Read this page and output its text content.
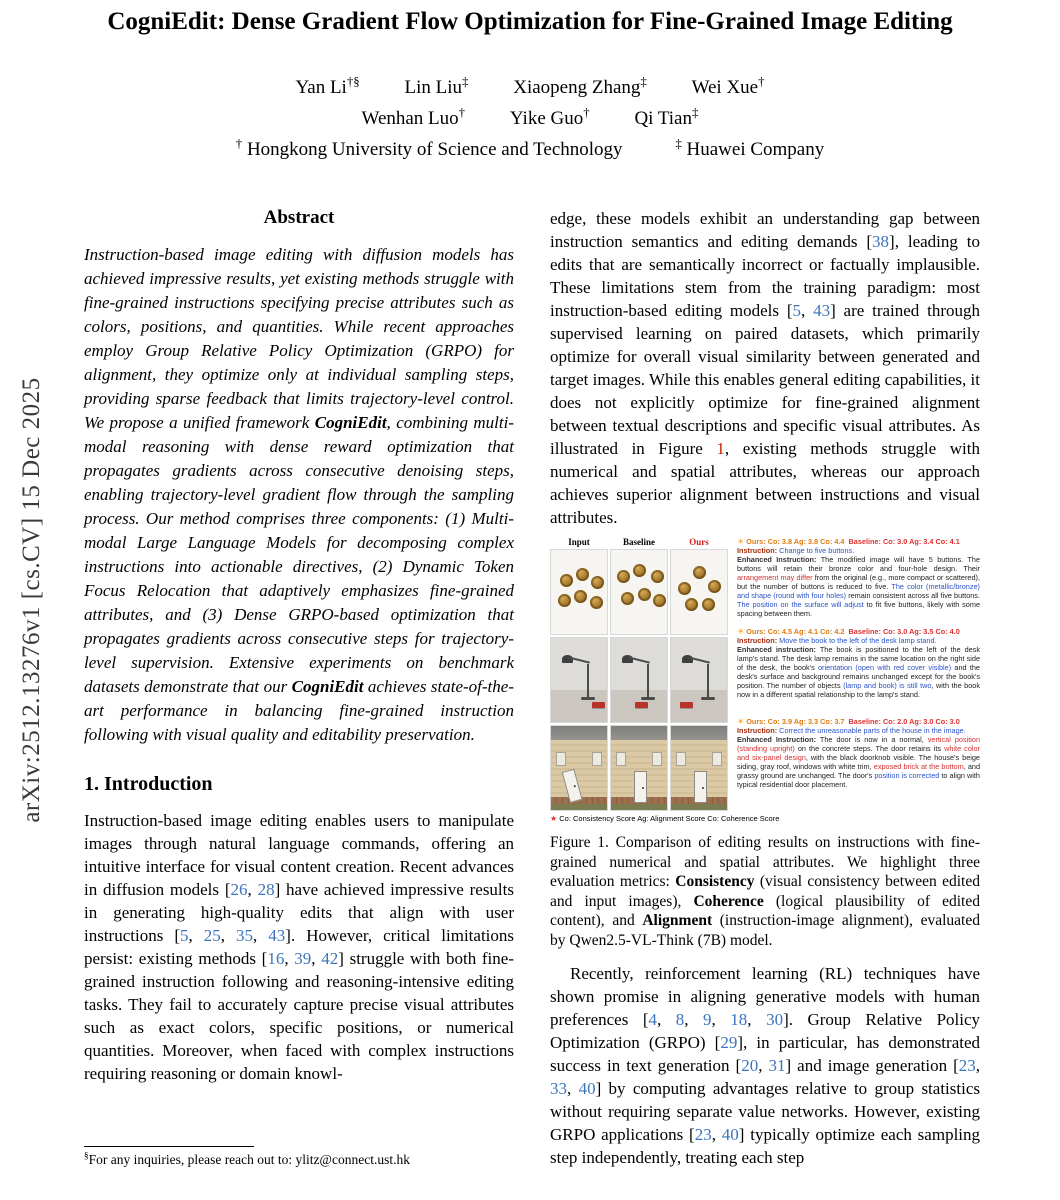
arXiv:2512.13276v1 [cs.CV] 15 Dec 2025
CogniEdit: Dense Gradient Flow Optimization for Fine-Grained Image Editing
Yan Li†§ Lin Liu‡ Xiaopeng Zhang‡ Wei Xue†
Wenhan Luo† Yike Guo† Qi Tian‡
† Hongkong University of Science and Technology	‡ Huawei Company
Abstract
Instruction-based image editing with diffusion models has achieved impressive results, yet existing methods struggle with fine-grained instructions specifying precise attributes such as colors, positions, and quantities. While recent approaches employ Group Relative Policy Optimization (GRPO) for alignment, they optimize only at individual sampling steps, providing sparse feedback that limits trajectory-level control. We propose a unified framework CogniEdit, combining multi-modal reasoning with dense reward optimization that propagates gradients across consecutive denoising steps, enabling trajectory-level gradient flow through the sampling process. Our method comprises three components: (1) Multi-modal Large Language Models for decomposing complex instructions into actionable directives, (2) Dynamic Token Focus Relocation that adaptively emphasizes fine-grained attributes, and (3) Dense GRPO-based optimization that propagates gradients across consecutive steps for trajectory-level supervision. Extensive experiments on benchmark datasets demonstrate that our CogniEdit achieves state-of-the-art performance in balancing fine-grained instruction following with visual quality and editability preservation.
1. Introduction
Instruction-based image editing enables users to manipulate images through natural language commands, offering an intuitive interface for visual content creation. Recent advances in diffusion models [26, 28] have achieved impressive results in generating high-quality edits that align with user instructions [5, 25, 35, 43]. However, critical limitations persist: existing methods [16, 39, 42] struggle with both fine-grained instruction following and reasoning-intensive editing tasks. They fail to accurately capture precise visual attributes such as exact colors, specific positions, or numerical quantities. Moreover, when faced with complex instructions requiring reasoning or domain knowl-
§For any inquiries, please reach out to: ylitz@connect.ust.hk
edge, these models exhibit an understanding gap between instruction semantics and editing demands [38], leading to edits that are semantically incorrect or factually implausible. These limitations stem from the training paradigm: most instruction-based editing models [5, 43] are trained through supervised learning on paired datasets, which primarily optimize for overall visual similarity between generated and target images. While this enables general editing capabilities, it does not explicitly optimize for fine-grained alignment between textual descriptions and specific visual attributes. As illustrated in Figure 1, existing methods struggle with numerical and spatial attributes, whereas our approach achieves superior alignment between instructions and visual attributes.
Input	Baseline	Ours	☀ Ours: Co: 3.8 Ag: 3.8 Co: 4.4 Baseline: Co: 3.0 Ag: 3.4 Co: 4.1
Instruction: Change to five buttons.
Enhanced Instruction: The modified image will have 5 buttons. The buttons will retain their bronze color and four-hole design. Their arrangement may differ from the original (e.g., more compact or scattered), but the number of buttons is reduced to five. The color (metallic/bronze) and shape (round with four holes) remain consistent across all five buttons. The position on the surface will adjust to fit five buttons, likely with some spacing between them.
☀ Ours: Co: 4.5 Ag: 4.1 Co: 4.2 Baseline: Co: 3.0 Ag: 3.5 Co: 4.0
Instruction: Move the book to the left of the desk lamp stand.
Enhanced instruction: The book is positioned to the left of the desk lamp's stand. The desk lamp remains in the same location on the right side of the desk, the book's orientation (open with red cover visible) and the desk's surface and background remains unchanged except for the book's position. The number of objects (lamp and book) is still two, with the book now in a different spatial relationship to the lamp's stand.
☀ Ours: Co: 3.9 Ag: 3.3 Co: 3.7 Baseline: Co: 2.0 Ag: 3.0 Co: 3.0
Instruction: Correct the unreasonable parts of the house in the image.
Enhanced Instruction: The door is now in a normal, vertical position (standing upright) on the concrete steps. The door retains its white color and six-panel design, with the black doorknob visible. The house's beige siding, gray roof, windows with white trim, exposed brick at the bottom, and grassy ground are unchanged. The door's position is corrected to align with typical residential door placement.
★ Co: Consistency Score Ag: Alignment Score Co: Coherence Score
Figure 1. Comparison of editing results on instructions with fine-grained numerical and spatial attributes. We highlight three evaluation metrics: Consistency (visual consistency between edited and input images), Coherence (logical plausibility of edited content), and Alignment (instruction-image alignment), evaluated by Qwen2.5-VL-Think (7B) model.
Recently, reinforcement learning (RL) techniques have shown promise in aligning generative models with human preferences [4, 8, 9, 18, 30]. Group Relative Policy Optimization (GRPO) [29], in particular, has demonstrated success in text generation [20, 31] and image generation [23, 33, 40] by computing advantages relative to group statistics without requiring separate value networks. However, existing GRPO applications [23, 40] typically optimize each sampling step independently, treating each step
